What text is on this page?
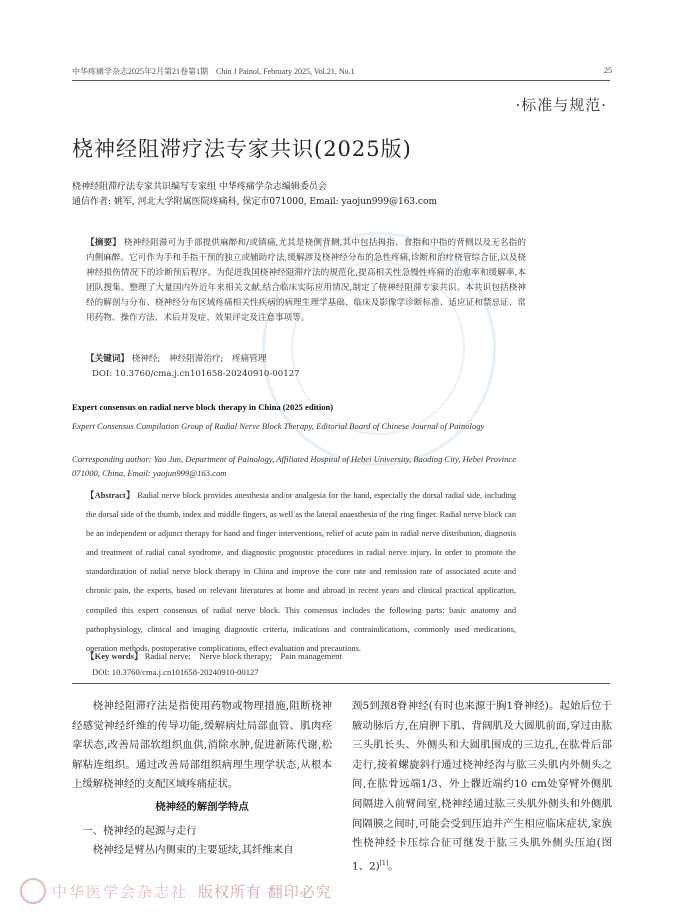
中华疼痛学杂志2025年2月第21卷第1期　Chin J Painol, February 2025, Vol.21, No.1	25
·标准与规范·
桡神经阻滞疗法专家共识(2025版)
桡神经阻滞疗法专家共识编写专家组 中华疼痛学杂志编辑委员会
通信作者: 姚军, 河北大学附属医院疼痛科, 保定市071000, Email: yaojun999@163.com
【摘要】 桡神经阻滞可为手部提供麻醉和/或镇痛,尤其是桡侧背侧,其中包括拇指、食指和中指的背侧以及无名指的内侧麻醉。它可作为手和手指干预的独立或辅助疗法,缓解涉及桡神经分布的急性疼痛,诊断和治疗桡管综合征,以及桡神经损伤情况下的诊断预后程序。为促进我国桡神经阻滞疗法的规范化,提高相关性急慢性疼痛的治愈率和缓解率,本团队搜集、整理了大量国内外近年来相关文献,结合临床实际应用情况,制定了桡神经阻滞专家共识。本共识包括桡神经的解剖与分布、桡神经分布区域疼痛相关性疾病的病理生理学基础、临床及影像学诊断标准、适应证和禁忌证、常用药物、操作方法、术后并发症、效果评定及注意事项等。
【关键词】 桡神经;　神经阻滞治疗;　疼痛管理
DOI: 10.3760/cma.j.cn101658-20240910-00127
Expert consensus on radial nerve block therapy in China (2025 edition)
Expert Consensus Compilation Group of Radial Nerve Block Therapy, Editorial Board of Chinese Journal of Painology
Corresponding author: Yao Jun, Department of Painology, Affiliated Hospital of Hebei University, Baoding City, Hebei Province 071000, China, Email: yaojun999@163.com
【Abstract】 Radial nerve block provides anesthesia and/or analgesia for the hand, especially the dorsal radial side, including the dorsal side of the thumb, index and middle fingers, as well as the lateral anaesthesia of the ring finger. Radial nerve block can be an independent or adjunct therapy for hand and finger interventions, relief of acute pain in radial nerve distribution, diagnosis and treatment of radial canal syndrome, and diagnostic prognostic procedures in radial nerve injury. In order to promote the standardization of radial nerve block therapy in China and improve the cure rate and remission rate of associated acute and chronic pain, the experts, based on relevant literatures at home and abroad in recent years and clinical practical application, compiled this expert consensus of radial nerve block. This consensus includes the following parts: basic anatomy and pathophysiology, clinical and imaging diagnostic criteria, indications and contraindications, commonly used medications, operation methods, postoperative complications, effect evaluation and precautions.
【Key words】 Radial nerve;　Nerve block therapy;　Pain management
DOI: 10.3760/cma.j.cn101658-20240910-00127

桡神经阻滞疗法是指使用药物或物理措施,阻断桡神经感觉神经纤维的传导功能,缓解病灶局部血管、肌肉痉挛状态,改善局部软组织血供,消除水肿,促进新陈代谢,松解粘连组织。通过改善局部组织病理生理学状态,从根本上缓解桡神经的支配区域疼痛症状。

桡神经的解剖学特点

一、桡神经的起源与走行

桡神经是臂丛内侧束的主要延续,其纤维来自

颈5到颈8脊神经(有时也来源于胸1脊神经)。起始后位于腋动脉后方,在肩胛下肌、背阔肌及大圆肌前面,穿过由肱三头肌长头、外侧头和大圆肌围成的三边孔,在肱骨后部走行,接着螺旋斜行通过桡神经沟与肱三头肌内外侧头之间,在肱骨远端1/3、外上髁近端约10 cm处穿臂外侧肌间隔进入前臂间室,桡神经通过肱三头肌外侧头和外侧肌间隔膜之间时,可能会受到压迫并产生相应临床症状,家族性桡神经卡压综合征可继发于肱三头肌外侧头压迫(图1、2)[1]。

中华医学会杂志社 版权所有 翻印必究
